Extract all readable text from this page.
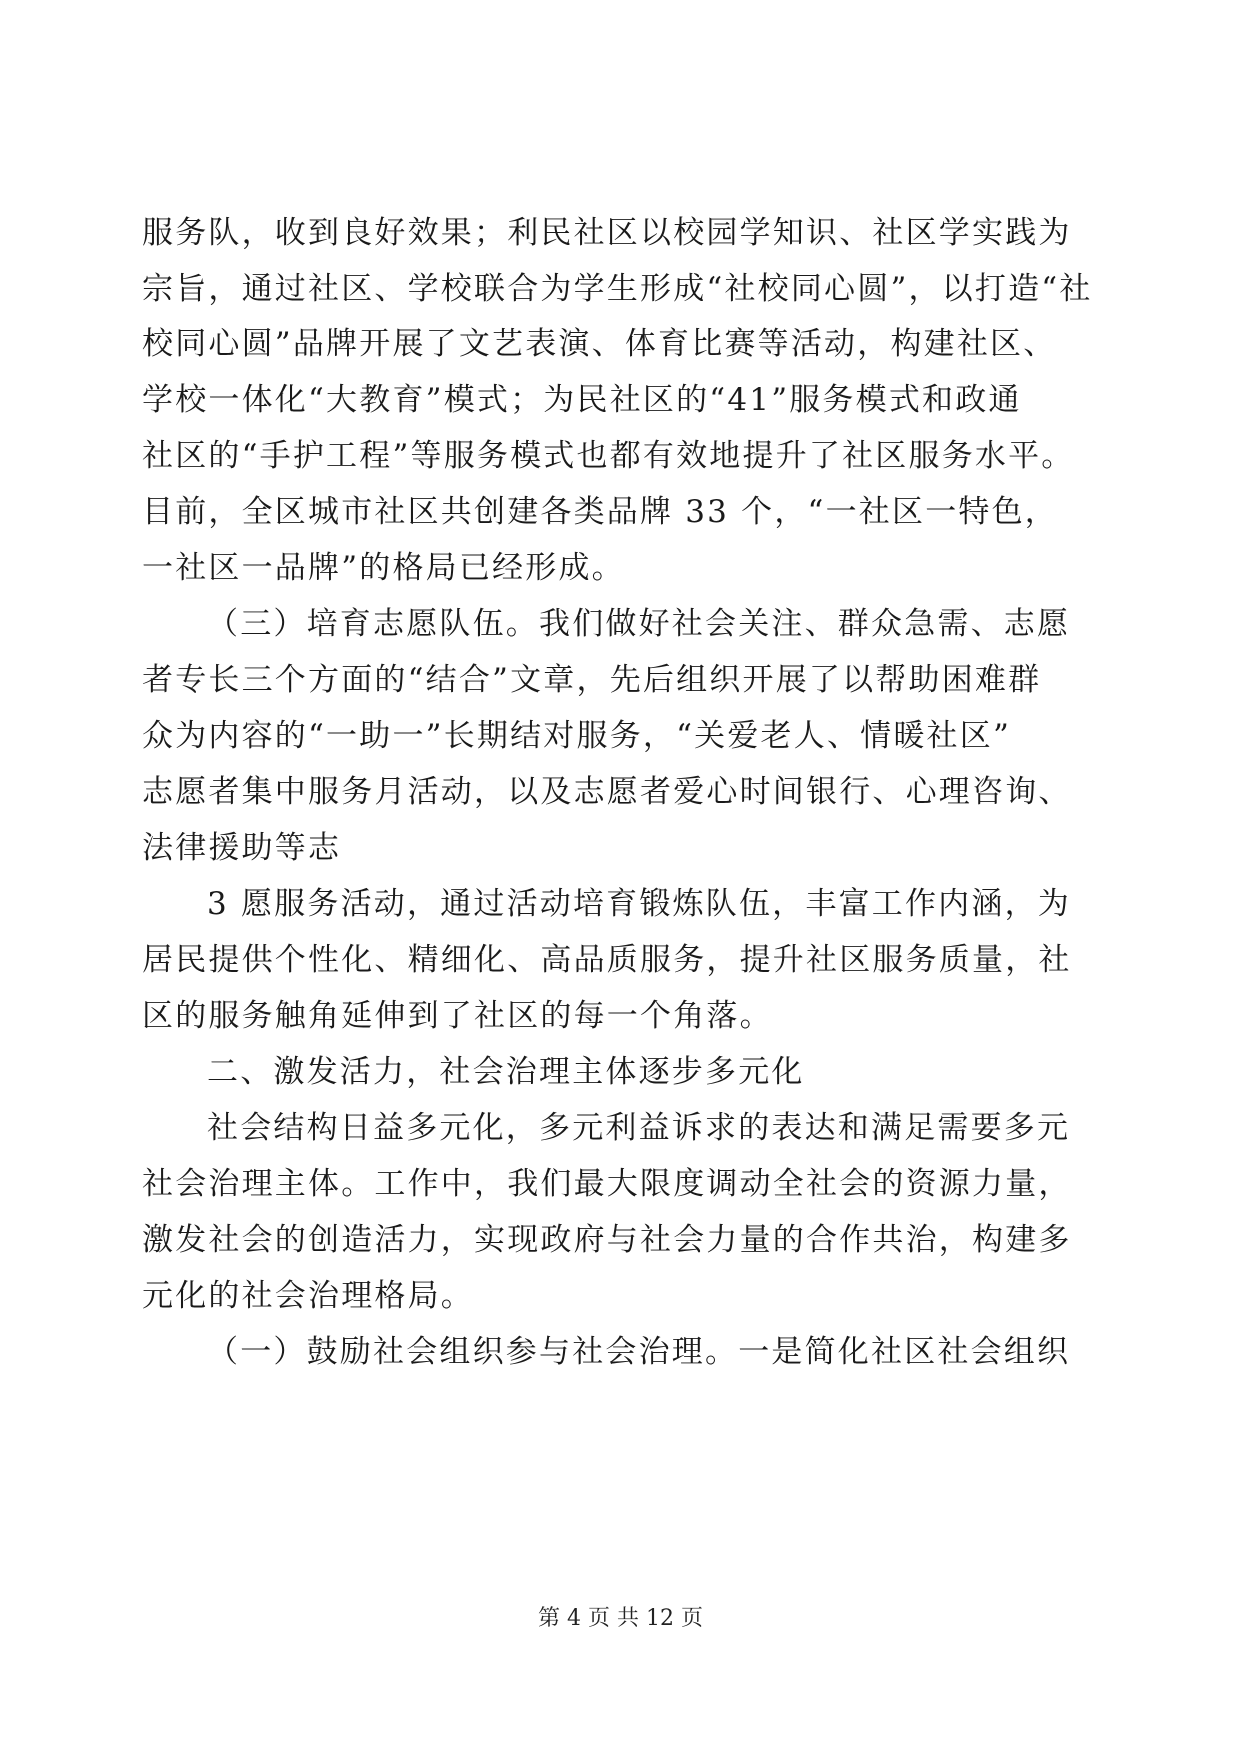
服务队，收到良好效果；利民社区以校园学知识、社区学实践为
宗旨，通过社区、学校联合为学生形成“社校同心圆”，以打造“社
校同心圆”品牌开展了文艺表演、体育比赛等活动，构建社区、
学校一体化“大教育”模式；为民社区的“41”服务模式和政通
社区的“手护工程”等服务模式也都有效地提升了社区服务水平。
目前，全区城市社区共创建各类品牌 33 个，“一社区一特色，
一社区一品牌”的格局已经形成。
（三）培育志愿队伍。我们做好社会关注、群众急需、志愿
者专长三个方面的“结合”文章，先后组织开展了以帮助困难群
众为内容的“一助一”长期结对服务，“关爱老人、情暖社区”
志愿者集中服务月活动，以及志愿者爱心时间银行、心理咨询、
法律援助等志
3 愿服务活动，通过活动培育锻炼队伍，丰富工作内涵，为
居民提供个性化、精细化、高品质服务，提升社区服务质量，社
区的服务触角延伸到了社区的每一个角落。
二、激发活力，社会治理主体逐步多元化
社会结构日益多元化，多元利益诉求的表达和满足需要多元
社会治理主体。工作中，我们最大限度调动全社会的资源力量，
激发社会的创造活力，实现政府与社会力量的合作共治，构建多
元化的社会治理格局。
（一）鼓励社会组织参与社会治理。一是简化社区社会组织
第 4 页 共 12 页
